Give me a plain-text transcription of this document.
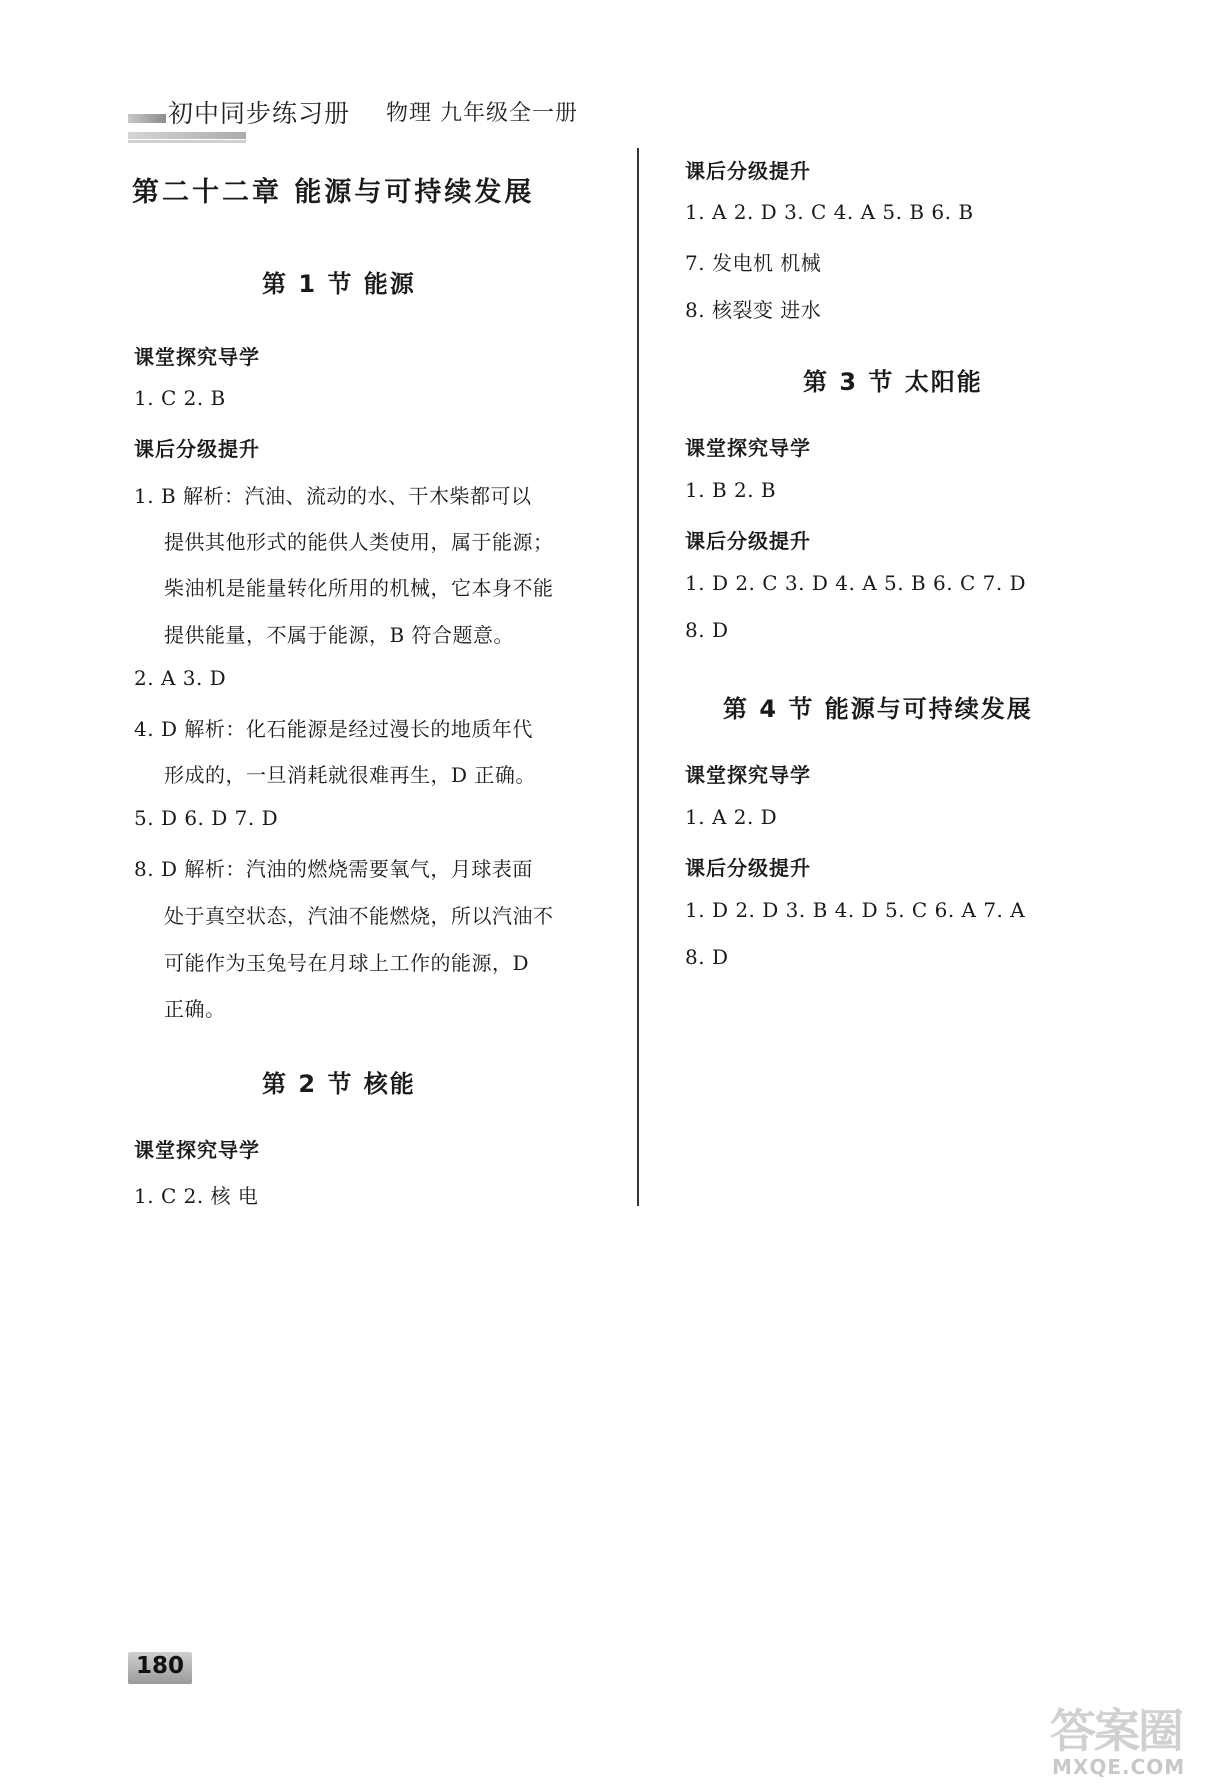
初中同步练习册 物理 九年级全一册
第二十二章 能源与可持续发展
第 1 节 能源
课堂探究导学
1. C 2. B
课后分级提升
1. B 解析：汽油、流动的水、干木柴都可以
提供其他形式的能供人类使用，属于能源；
柴油机是能量转化所用的机械，它本身不能
提供能量，不属于能源，B 符合题意。
2. A 3. D
4. D 解析：化石能源是经过漫长的地质年代
形成的，一旦消耗就很难再生，D 正确。
5. D 6. D 7. D
8. D 解析：汽油的燃烧需要氧气，月球表面
处于真空状态，汽油不能燃烧，所以汽油不
可能作为玉兔号在月球上工作的能源，D
正确。
第 2 节 核能
课堂探究导学
1. C 2. 核 电
课后分级提升
1. A 2. D 3. C 4. A 5. B 6. B
7. 发电机 机械
8. 核裂变 进水
第 3 节 太阳能
课堂探究导学
1. B 2. B
课后分级提升
1. D 2. C 3. D 4. A 5. B 6. C 7. D
8. D
第 4 节 能源与可持续发展
课堂探究导学
1. A 2. D
课后分级提升
1. D 2. D 3. B 4. D 5. C 6. A 7. A
8. D
180
答案圈
MXQE.COM
